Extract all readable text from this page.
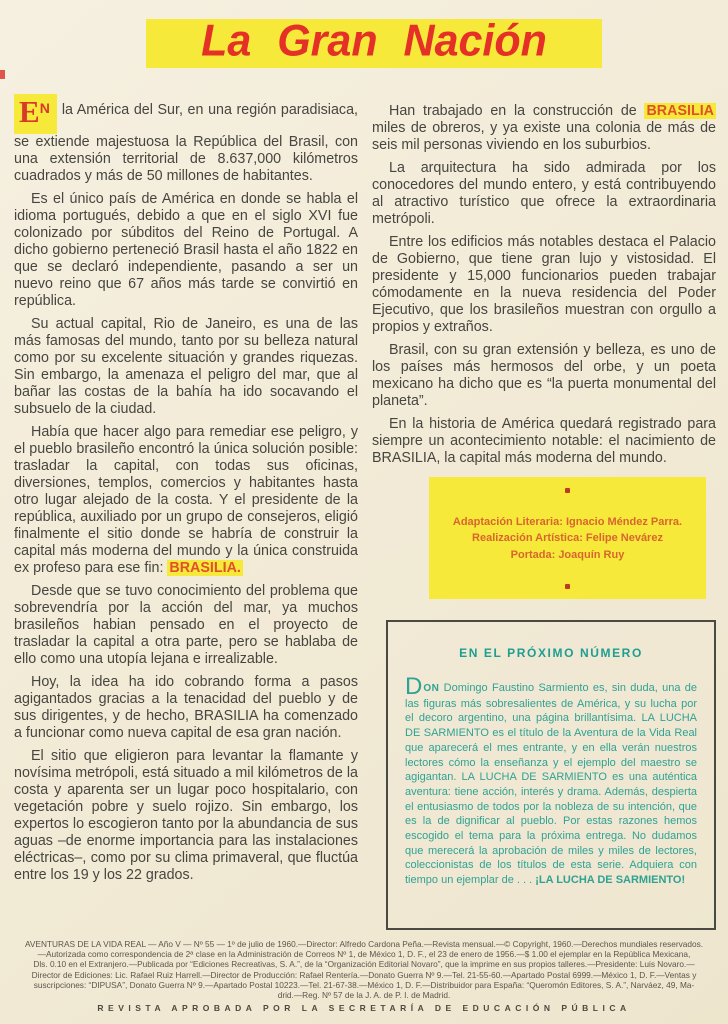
La Gran Nación

EN la América del Sur, en una región paradisiaca, se extiende majestuosa la República del Brasil, con una extensión territorial de 8.637,000 kilómetros cuadrados y más de 50 millones de habitantes.

Es el único país de América en donde se habla el idioma portugués, debido a que en el siglo XVI fue colonizado por súbditos del Reino de Portugal. A dicho gobierno perteneció Brasil hasta el año 1822 en que se declaró independiente, pasando a ser un nuevo reino que 67 años más tarde se convirtió en república.

Su actual capital, Rio de Janeiro, es una de las más famosas del mundo, tanto por su belleza natural como por su excelente situación y grandes riquezas. Sin embargo, la amenaza el peligro del mar, que al bañar las costas de la bahía ha ido socavando el subsuelo de la ciudad.

Había que hacer algo para remediar ese peligro, y el pueblo brasileño encontró la única solución posible: trasladar la capital, con todas sus oficinas, diversiones, templos, comercios y habitantes hasta otro lugar alejado de la costa. Y el presidente de la república, auxiliado por un grupo de consejeros, eligió finalmente el sitio donde se habría de construir la capital más moderna del mundo y la única construida ex profeso para ese fin: BRASILIA.

Desde que se tuvo conocimiento del problema que sobrevendría por la acción del mar, ya muchos brasileños habian pensado en el proyecto de trasladar la capital a otra parte, pero se hablaba de ello como una utopía lejana e irrealizable.

Hoy, la idea ha ido cobrando forma a pasos agigantados gracias a la tenacidad del pueblo y de sus dirigentes, y de hecho, BRASILIA ha comenzado a funcionar como nueva capital de esa gran nación.

El sitio que eligieron para levantar la flamante y novísima metrópoli, está situado a mil kilómetros de la costa y aparenta ser un lugar poco hospitalario, con vegetación pobre y suelo rojizo. Sin embargo, los expertos lo escogieron tanto por la abundancia de sus aguas –de enorme importancia para las instalaciones eléctricas–, como por su clima primaveral, que fluctúa entre los 19 y los 22 grados.

Han trabajado en la construcción de BRASILIA miles de obreros, y ya existe una colonia de más de seis mil personas viviendo en los suburbios.

La arquitectura ha sido admirada por los conocedores del mundo entero, y está contribuyendo al atractivo turístico que ofrece la extraordinaria metrópoli.

Entre los edificios más notables destaca el Palacio de Gobierno, que tiene gran lujo y vistosidad. El presidente y 15,000 funcionarios pueden trabajar cómodamente en la nueva residencia del Poder Ejecutivo, que los brasileños muestran con orgullo a propios y extraños.

Brasil, con su gran extensión y belleza, es uno de los países más hermosos del orbe, y un poeta mexicano ha dicho que es “la puerta monumental del planeta”.

En la historia de América quedará registrado para siempre un acontecimiento notable: el nacimiento de BRASILIA, la capital más moderna del mundo.

Adaptación Literaria: Ignacio Méndez Parra.
Realización Artística: Felipe Nevárez
Portada: Joaquín Ruy
EN EL PRÓXIMO NÚMERO
DON Domingo Faustino Sarmiento es, sin duda, una de las figuras más sobresalientes de América, y su lucha por el decoro argentino, una página brillantísima. LA LUCHA DE SARMIENTO es el título de la Aventura de la Vida Real que aparecerá el mes entrante, y en ella verán nuestros lectores cómo la enseñanza y el ejemplo del maestro se agigantan. LA LUCHA DE SARMIENTO es una auténtica aventura: tiene acción, interés y drama. Además, despierta el entusiasmo de todos por la nobleza de su intención, que es la de dignificar al pueblo. Por estas razones hemos escogido el tema para la próxima entrega. No dudamos que merecerá la aprobación de miles y miles de lectores, coleccionistas de los títulos de esta serie. Adquiera con tiempo un ejemplar de . . . ¡LA LUCHA DE SARMIENTO!
AVENTURAS DE LA VIDA REAL — Año V — Nº 55 — 1º de julio de 1960.—Director: Alfredo Cardona Peña.—Revista mensual.—© Copyright, 1960.—Derechos mundiales reservados.
—Autorizada como correspondencia de 2ª clase en la Administración de Correos Nº 1, de México 1, D. F., el 23 de enero de 1956.—$ 1.00 el ejemplar en la República Mexicana,
Dls. 0.10 en el Extranjero.—Publicada por “Ediciones Recreativas, S. A.”, de la “Organización Editorial Novaro”, que la imprime en sus propios talleres.—Presidente: Luis Novaro.—
Director de Ediciones: Lic. Rafael Ruiz Harrell.—Director de Producción: Rafael Rentería.—Donato Guerra Nº 9.—Tel. 21-55-60.—Apartado Postal 6999.—México 1, D. F.—Ventas y
suscripciones: “DIPUSA”, Donato Guerra Nº 9.—Apartado Postal 10223.—Tel. 21-67-38.—México 1, D. F.—Distribuidor para España: “Queromón Editores, S. A.”, Narváez, 49, Ma-
drid.—Reg. Nº 57 de la J. A. de P. I. de Madrid.
REVISTA APROBADA POR LA SECRETARÍA DE EDUCACIÓN PÚBLICA
